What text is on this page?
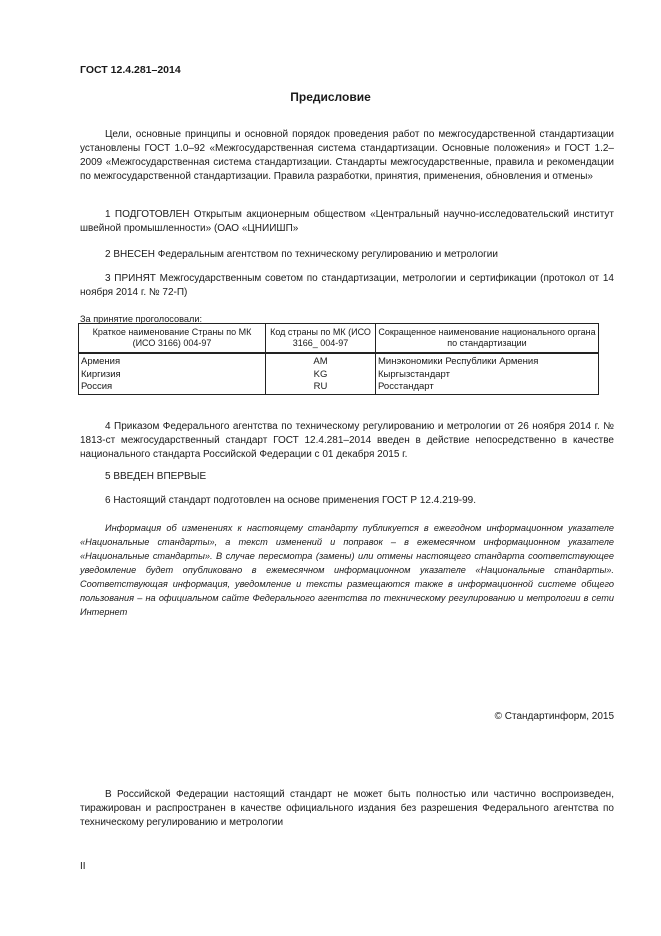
ГОСТ 12.4.281–2014
Предисловие
Цели, основные принципы и основной порядок проведения работ по межгосударственной стандартизации установлены ГОСТ 1.0–92 «Межгосударственная система стандартизации. Основные положения» и ГОСТ 1.2–2009 «Межгосударственная система стандартизации. Стандарты межгосударственные, правила и рекомендации по межгосударственной стандартизации. Правила разработки, принятия, применения, обновления и отмены»
1 ПОДГОТОВЛЕН Открытым акционерным обществом «Центральный научно-исследовательский институт швейной промышленности» (ОАО «ЦНИИШП»
2 ВНЕСЕН Федеральным агентством по техническому регулированию и метрологии
3 ПРИНЯТ Межгосударственным советом по стандартизации, метрологии и сертификации (протокол от 14 ноября 2014 г. № 72-П)
За принятие проголосовали:
Краткое наименование Страны по МК (ИСО 3166) 004-97	Код страны по МК (ИСО 3166_ 004-97	Сокращенное наименование национального органа по стандартизации
Армения	AM	Минэкономики Республики Армения
Киргизия	KG	Кыргызстандарт
Россия	RU	Росстандарт
4 Приказом Федерального агентства по техническому регулированию и метрологии от 26 ноября 2014 г. № 1813-ст межгосударственный стандарт ГОСТ 12.4.281–2014 введен в действие непосредственно в качестве национального стандарта Российской Федерации с 01 декабря 2015 г.
5 ВВЕДЕН ВПЕРВЫЕ
6 Настоящий стандарт подготовлен на основе применения ГОСТ Р 12.4.219-99.
Информация об изменениях к настоящему стандарту публикуется в ежегодном информационном указателе «Национальные стандарты», а текст изменений и поправок – в ежемесячном информационном указателе «Национальные стандарты». В случае пересмотра (замены) или отмены настоящего стандарта соответствующее уведомление будет опубликовано в ежемесячном информационном указателе «Национальные стандарты». Соответствующая информация, уведомление и тексты размещаются также в информационной системе общего пользования – на официальном сайте Федерального агентства по техническому регулированию и метрологии в сети Интернет
© Стандартинформ, 2015
В Российской Федерации настоящий стандарт не может быть полностью или частично воспроизведен, тиражирован и распространен в качестве официального издания без разрешения Федерального агентства по техническому регулированию и метрологии
II
